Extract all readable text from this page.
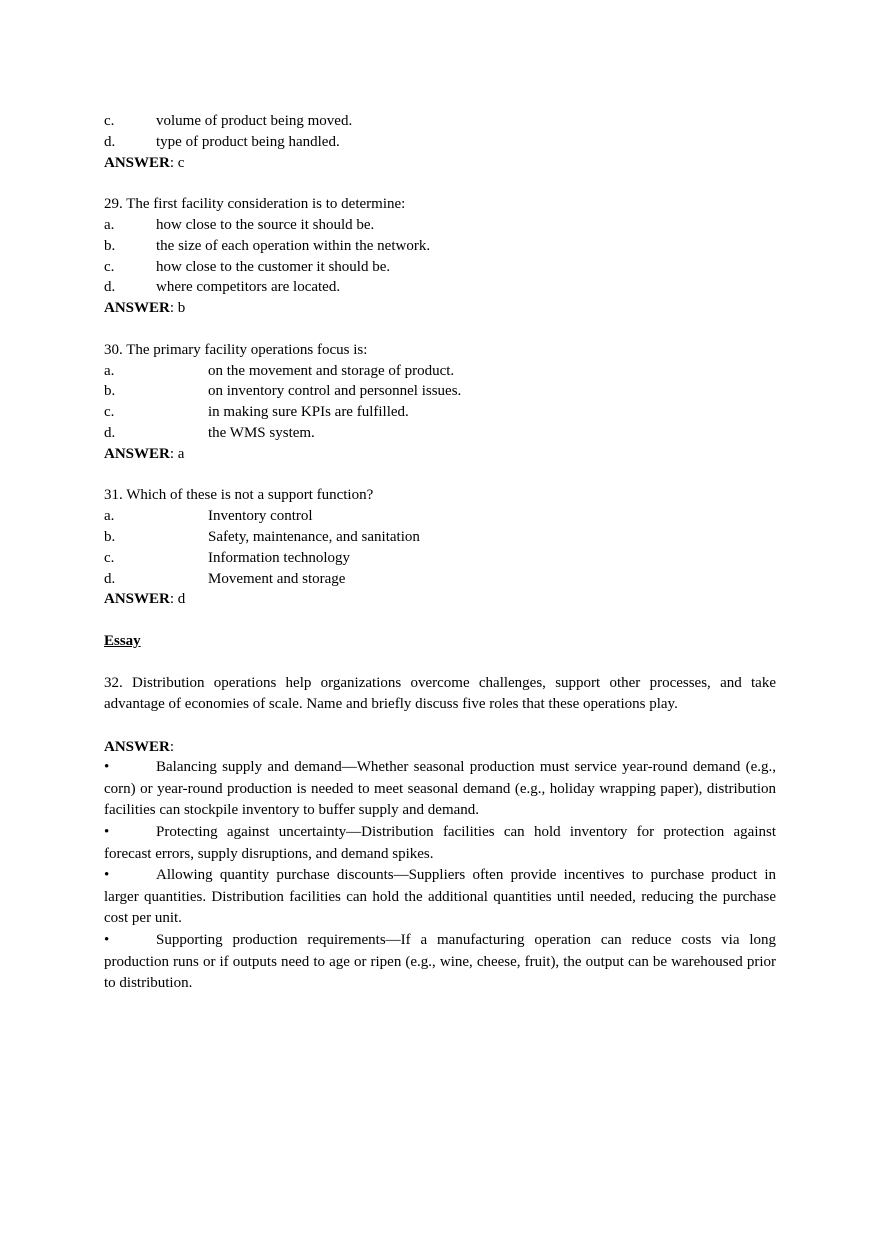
c.	volume of product being moved.
d.	type of product being handled.
ANSWER: c
29. The first facility consideration is to determine:
a.	how close to the source it should be.
b.	the size of each operation within the network.
c.	how close to the customer it should be.
d.	where competitors are located.
ANSWER: b
30. The primary facility operations focus is:
a.	on the movement and storage of product.
b.	on inventory control and personnel issues.
c.	in making sure KPIs are fulfilled.
d.	the WMS system.
ANSWER: a
31. Which of these is not a support function?
a.	Inventory control
b.	Safety, maintenance, and sanitation
c.	Information technology
d.	Movement and storage
ANSWER: d
Essay

32. Distribution operations help organizations overcome challenges, support other processes, and take advantage of economies of scale. Name and briefly discuss five roles that these operations play.

ANSWER:

•	Balancing supply and demand—Whether seasonal production must service year-round demand (e.g., corn) or year-round production is needed to meet seasonal demand (e.g., holiday wrapping paper), distribution facilities can stockpile inventory to buffer supply and demand.

•	Protecting against uncertainty—Distribution facilities can hold inventory for protection against forecast errors, supply disruptions, and demand spikes.

•	Allowing quantity purchase discounts—Suppliers often provide incentives to purchase product in larger quantities. Distribution facilities can hold the additional quantities until needed, reducing the purchase cost per unit.

•	Supporting production requirements—If a manufacturing operation can reduce costs via long production runs or if outputs need to age or ripen (e.g., wine, cheese, fruit), the output can be warehoused prior to distribution.
